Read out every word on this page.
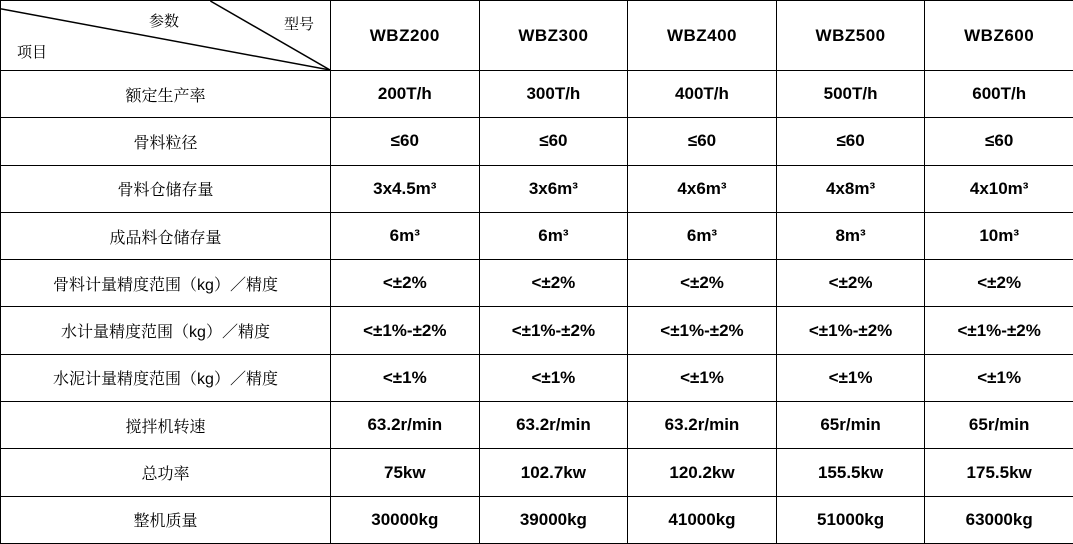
参数 型号
项目	WBZ200	WBZ300	WBZ400	WBZ500	WBZ600
额定生产率	200T/h	300T/h	400T/h	500T/h	600T/h
骨料粒径	≤60	≤60	≤60	≤60	≤60
骨料仓储存量	3x4.5m³	3x6m³	4x6m³	4x8m³	4x10m³
成品料仓储存量	6m³	6m³	6m³	8m³	10m³
骨料计量精度范围（kg）／精度	<±2%	<±2%	<±2%	<±2%	<±2%
水计量精度范围（kg）／精度	<±1%-±2%	<±1%-±2%	<±1%-±2%	<±1%-±2%	<±1%-±2%
水泥计量精度范围（kg）／精度	<±1%	<±1%	<±1%	<±1%	<±1%
搅拌机转速	63.2r/min	63.2r/min	63.2r/min	65r/min	65r/min
总功率	75kw	102.7kw	120.2kw	155.5kw	175.5kw
整机质量	30000kg	39000kg	41000kg	51000kg	63000kg
